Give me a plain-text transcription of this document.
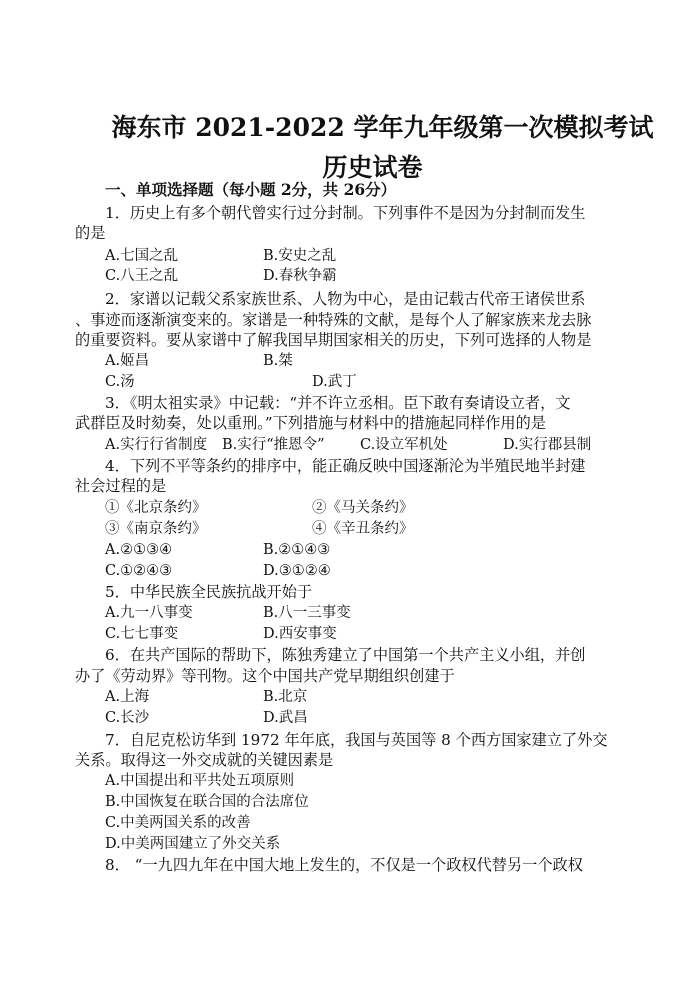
海东市 2021-2022 学年九年级第一次模拟考试
历史试卷
一、单项选择题（每小题 2分，共 26分）
1．历史上有多个朝代曾实行过分封制。下列事件不是因为分封制而发生
的是
A.七国之乱	B.安史之乱
C.八王之乱	D.春秋争霸
2．家谱以记载父系家族世系、人物为中心，是由记载古代帝王诸侯世系
、事迹而逐渐演变来的。家谱是一种特殊的文献，是每个人了解家族来龙去脉
的重要资料。要从家谱中了解我国早期国家相关的历史，下列可选择的人物是
A.姬昌	B.桀
C.汤	D.武丁
3．《明太祖实录》中记载：“并不许立丞相。臣下敢有奏请设立者，文
武群臣及时劾奏，处以重刑。”下列措施与材料中的措施起同样作用的是
A.实行行省制度 B.实行“推恩令” C.设立军机处	D.实行郡县制
4．下列不平等条约的排序中，能正确反映中国逐渐沦为半殖民地半封建
社会过程的是
①《北京条约》	②《马关条约》
③《南京条约》	④《辛丑条约》
A.②①③④	B.②①④③
C.①②④③	D.③①②④
5．中华民族全民族抗战开始于
A.九一八事变	B.八一三事变
C.七七事变	D.西安事变
6．在共产国际的帮助下，陈独秀建立了中国第一个共产主义小组，并创
办了《劳动界》等刊物。这个中国共产党早期组织创建于
A.上海	B.北京
C.长沙	D.武昌
7．自尼克松访华到 1972 年年底，我国与英国等 8 个西方国家建立了外交
关系。取得这一外交成就的关键因素是
A.中国提出和平共处五项原则
B.中国恢复在联合国的合法席位
C.中美两国关系的改善
D.中美两国建立了外交关系
8． “一九四九年在中国大地上发生的，不仅是一个政权代替另一个政权
